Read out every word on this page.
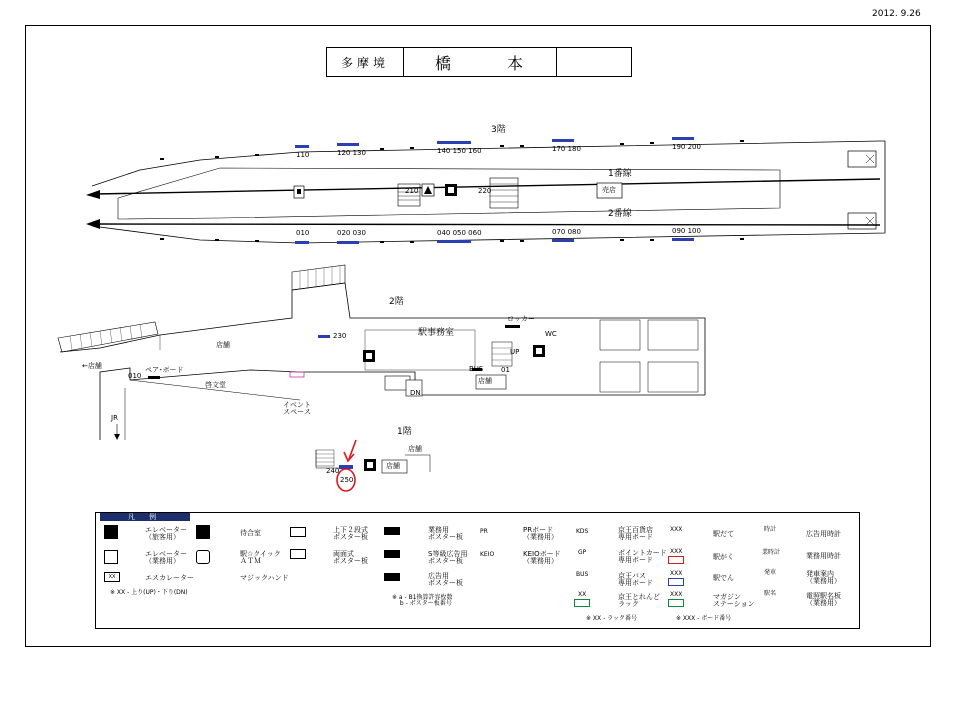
2012. 9.26
多摩境	橋　　　本
3階
110	120 130	140 150 160	170 180	190 200
010	020 030	040 050 060	070 080	090 100
210	220
1番線
2番線
売店
2階
店舗
店舗
←店舗
啓文堂
ペア･ボード
駅事務室
ロッカー
WC
イベント
スペース
JR
230
010
01
BUS
DN
UP
1階
240
250
店舗
店舗
凡 例
エレベーター
（旅客用）
エレベーター
（業務用）
XX	エスカレーター
※ XX - 上り(UP)・下り(DN)
待合室
駅☆クイック
ＡＴＭ
マジックハンド
上下２段式
ポスター板
両面式
ポスター板
業務用
ポスター板
S等級広告用
ポスター板
広告用
ポスター板
※ a - B1換算許容枚数
　 b - ポスター板番号
PR	PRボード
（業務用）
KEIO	KEIOボード
（業務用）
KDS	京王百貨店
専用ボード
GP	ポイントカード
専用ボード
BUS	京王バス
専用ボード
XX	京王とれんど
ラック
※ XX - ラック番号
XXX
駅だて
XXX
駅がく
XXX
駅でん
XXX	マガジン
ステーション
※ XXX - ボード番号
時計
広告用時計
業時計	業務用時計
発車	発車案内
（業務用）
駅名	電照駅名板
（業務用）
